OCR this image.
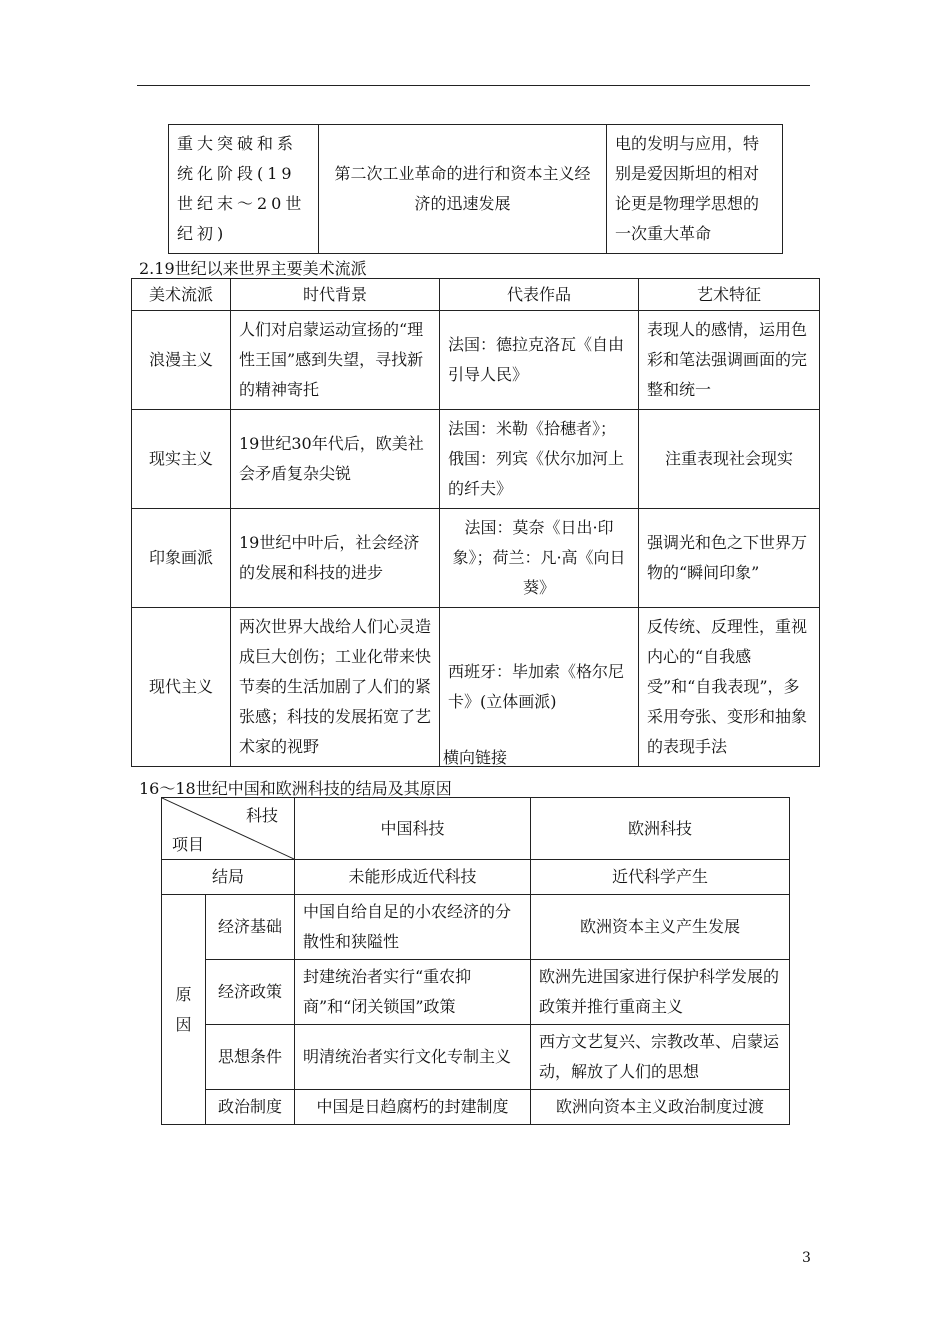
重大突破和系统化阶段(19世纪末～20世纪初)	第二次工业革命的进行和资本主义经济的迅速发展	电的发明与应用，特别是爱因斯坦的相对论更是物理学思想的一次重大革命
2.19世纪以来世界主要美术流派
美术流派	时代背景	代表作品	艺术特征
浪漫主义	人们对启蒙运动宣扬的“理性王国”感到失望，寻找新的精神寄托	法国：德拉克洛瓦《自由引导人民》	表现人的感情，运用色彩和笔法强调画面的完整和统一
现实主义	19世纪30年代后，欧美社会矛盾复杂尖锐	法国：米勒《拾穗者》；俄国：列宾《伏尔加河上的纤夫》	注重表现社会现实
印象画派	19世纪中叶后，社会经济的发展和科技的进步	法国：莫奈《日出·印象》；荷兰：凡·高《向日葵》	强调光和色之下世界万物的“瞬间印象”
现代主义	两次世界大战给人们心灵造成巨大创伤；工业化带来快节奏的生活加剧了人们的紧张感；科技的发展拓宽了艺术家的视野	西班牙：毕加索《格尔尼卡》(立体画派)	反传统、反理性，重视内心的“自我感受”和“自我表现”，多采用夸张、变形和抽象的表现手法
横向链接
16～18世纪中国和欧洲科技的结局及其原因
科技
项目		中国科技	欧洲科技
结局		未能形成近代科技	近代科学产生
原因	经济基础	中国自给自足的小农经济的分散性和狭隘性	欧洲资本主义产生发展
	经济政策	封建统治者实行“重农抑商”和“闭关锁国”政策	欧洲先进国家进行保护科学发展的政策并推行重商主义
	思想条件	明清统治者实行文化专制主义	西方文艺复兴、宗教改革、启蒙运动，解放了人们的思想
	政治制度	中国是日趋腐朽的封建制度	欧洲向资本主义政治制度过渡
3
